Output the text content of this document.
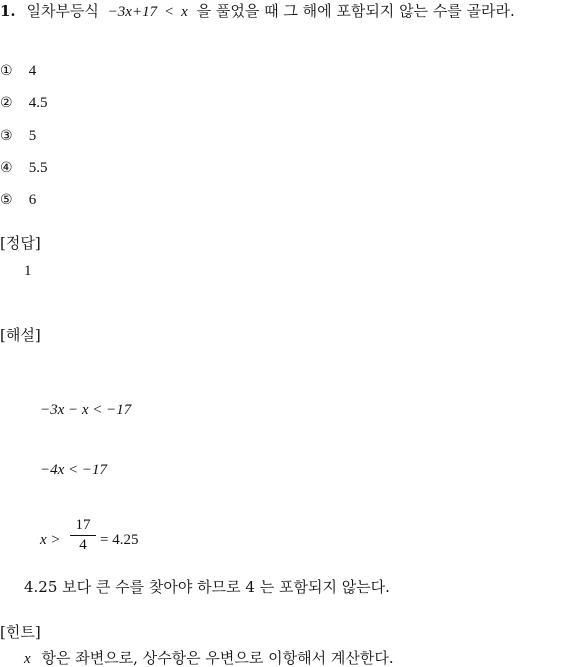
1. 일차부등식 −3x+17 < x 을 풀었을 때 그 해에 포함되지 않는 수를 골라라.
① 4
② 4.5
③ 5
④ 5.5
⑤ 6
[정답]
1
[해설]
−3x − x < −17
−4x < −17
x >
17
4 = 4.25
4.25 보다 큰 수를 찾아야 하므로 4 는 포함되지 않는다.
[힌트]
x 항은 좌변으로, 상수항은 우변으로 이항해서 계산한다.
